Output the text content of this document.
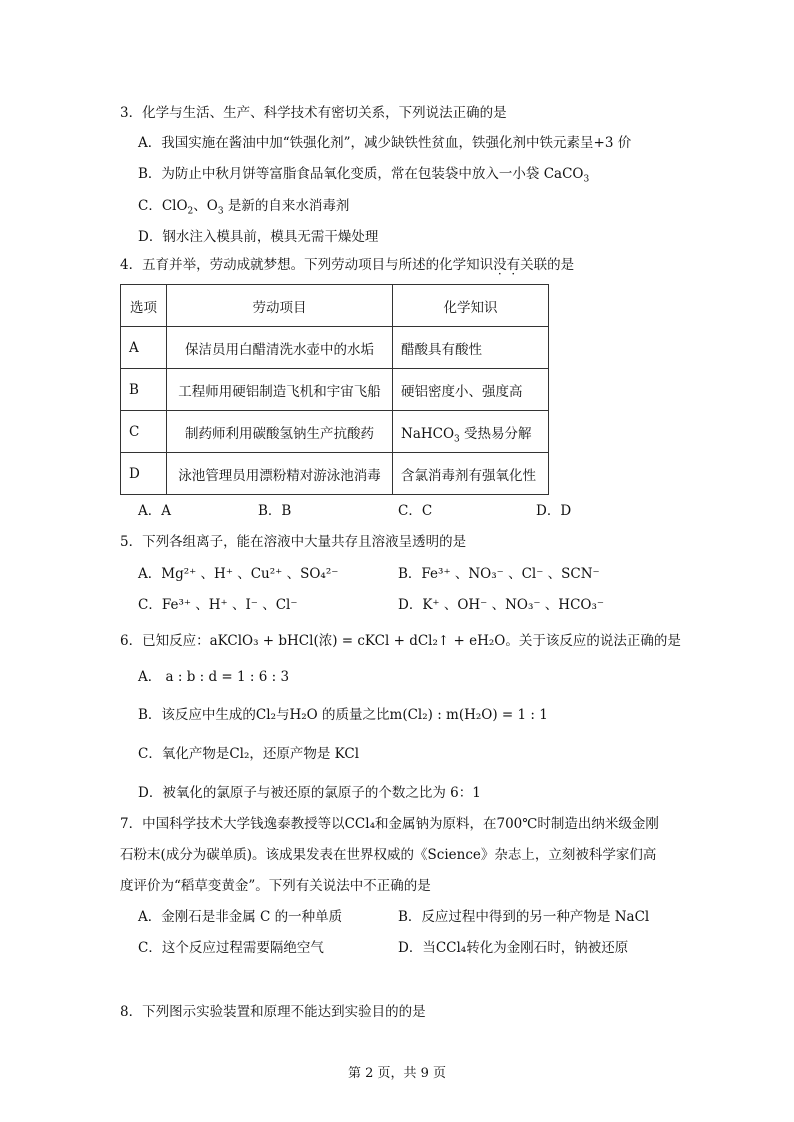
3．化学与生活、生产、科学技术有密切关系，下列说法正确的是
A．我国实施在酱油中加“铁强化剂”，减少缺铁性贫血，铁强化剂中铁元素呈+3 价
B．为防止中秋月饼等富脂食品氧化变质，常在包装袋中放入一小袋 CaCO$_3$
C．ClO$_2$、$O_3$ 是新的自来水消毒剂
D．钢水注入模具前，模具无需干燥处理
4．五育并举，劳动成就梦想。下列劳动项目与所述的化学知识没有关联的是
选项	劳动项目	化学知识
A	保洁员用白醋清洗水壶中的水垢	醋酸具有酸性
B	工程师用硬铝制造飞机和宇宙飞船	硬铝密度小、强度高
C	制药师利用碳酸氢钠生产抗酸药	NaHCO$_3$ 受热易分解
D	泳池管理员用漂粉精对游泳池消毒	含氯消毒剂有强氧化性
A．A	B．B	C．C	D．D
5．下列各组离子，能在溶液中大量共存且溶液呈透明的是
A．Mg²⁺ 、H⁺ 、Cu²⁺ 、SO₄²⁻	B．Fe³⁺ 、NO₃⁻ 、Cl⁻ 、SCN⁻
C．Fe³⁺ 、H⁺ 、I⁻ 、Cl⁻	D．K⁺ 、OH⁻ 、NO₃⁻ 、HCO₃⁻
6．已知反应：aKClO₃ + bHCl(浓) = cKCl + dCl₂↑ + eH₂O。关于该反应的说法正确的是
A． a : b : d = 1 : 6 : 3
B．该反应中生成的Cl₂与H₂O 的质量之比m(Cl₂) : m(H₂O) = 1 : 1
C．氧化产物是Cl₂，还原产物是 KCl
D．被氧化的氯原子与被还原的氯原子的个数之比为 6：1
7．中国科学技术大学钱逸泰教授等以CCl₄和金属钠为原料，在700℃时制造出纳米级金刚
石粉末(成分为碳单质)。该成果发表在世界权威的《Science》杂志上，立刻被科学家们高
度评价为“稻草变黄金”。下列有关说法中不正确的是
A．金刚石是非金属 C 的一种单质	B．反应过程中得到的另一种产物是 NaCl
C．这个反应过程需要隔绝空气	D．当CCl₄转化为金刚石时，钠被还原
8．下列图示实验装置和原理不能达到实验目的的是
第 2 页，共 9 页
